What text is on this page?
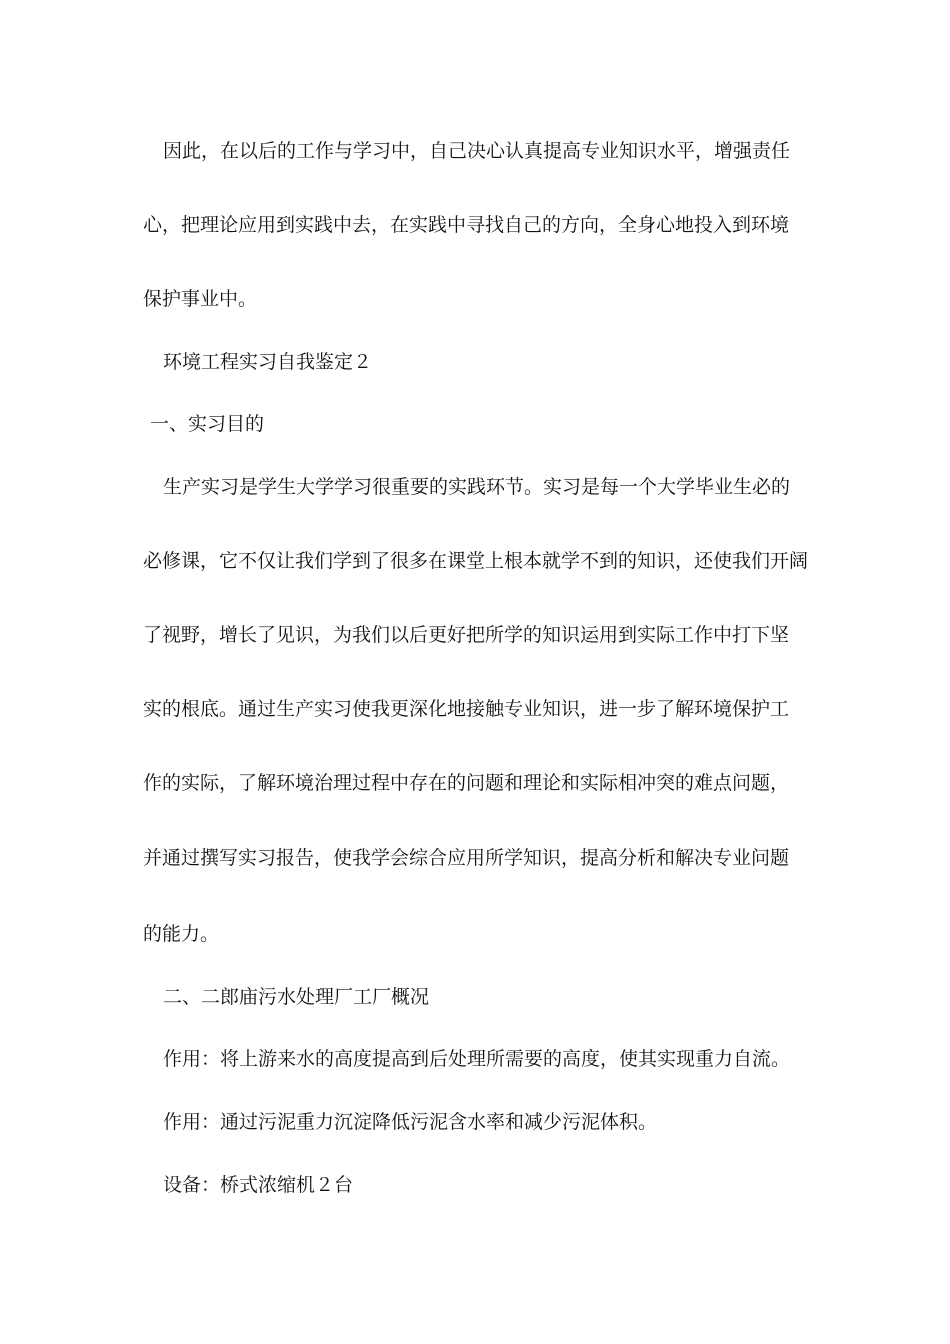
因此，在以后的工作与学习中，自己决心认真提高专业知识水平，增强责任
心，把理论应用到实践中去，在实践中寻找自己的方向，全身心地投入到环境
保护事业中。
环境工程实习自我鉴定２
一、实习目的
生产实习是学生大学学习很重要的实践环节。实习是每一个大学毕业生必的
必修课，它不仅让我们学到了很多在课堂上根本就学不到的知识，还使我们开阔
了视野，增长了见识，为我们以后更好把所学的知识运用到实际工作中打下坚
实的根底。通过生产实习使我更深化地接触专业知识，进一步了解环境保护工
作的实际，了解环境治理过程中存在的问题和理论和实际相冲突的难点问题，
并通过撰写实习报告，使我学会综合应用所学知识，提高分析和解决专业问题
的能力。
二、二郎庙污水处理厂工厂概况
作用：将上游来水的高度提高到后处理所需要的高度，使其实现重力自流。
作用：通过污泥重力沉淀降低污泥含水率和减少污泥体积。
设备：桥式浓缩机２台
